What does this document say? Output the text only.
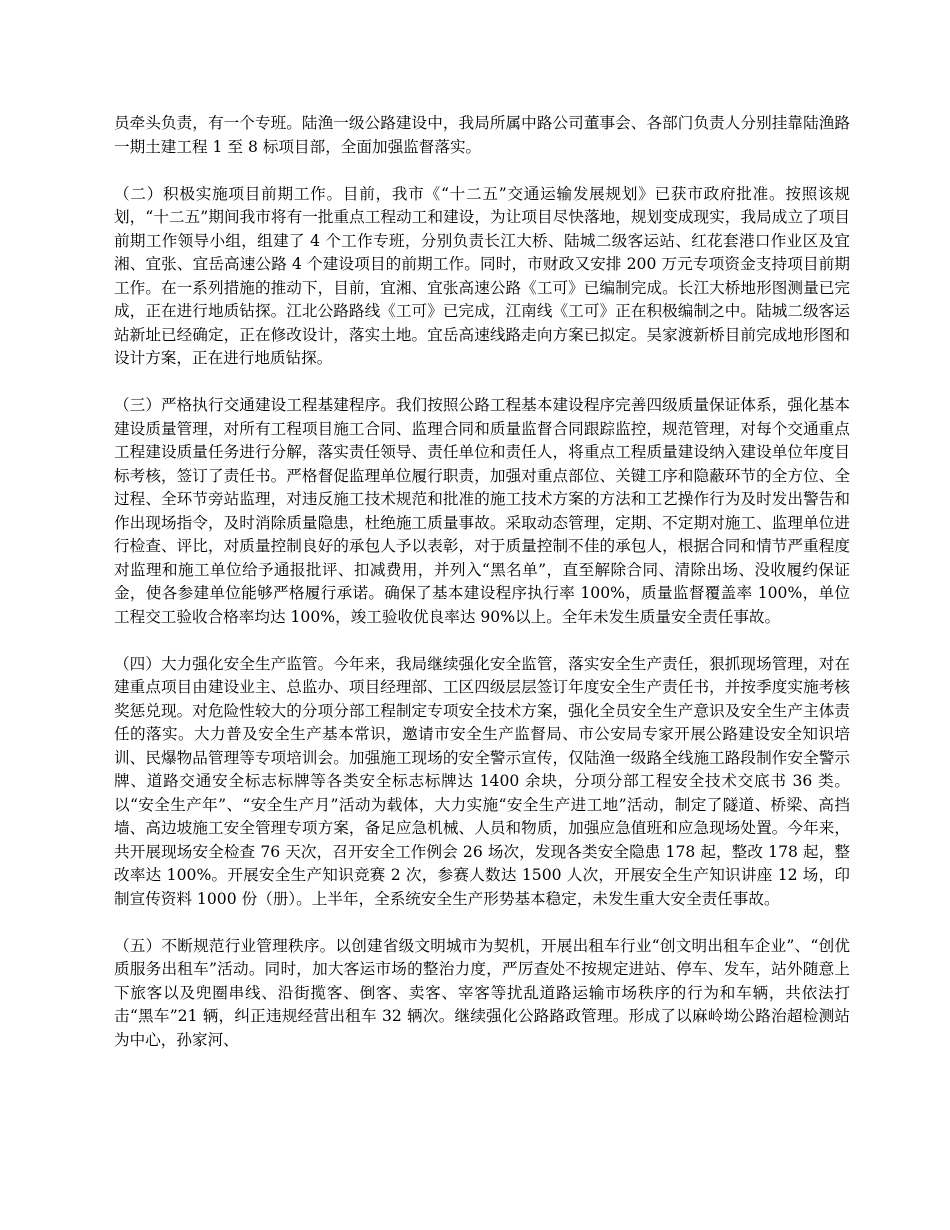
员牵头负责，有一个专班。陆渔一级公路建设中，我局所属中路公司董事会、各部门负责人分别挂靠陆渔路一期土建工程 1 至 8 标项目部，全面加强监督落实。

（二）积极实施项目前期工作。目前，我市《“十二五”交通运输发展规划》已获市政府批准。按照该规划，“十二五”期间我市将有一批重点工程动工和建设，为让项目尽快落地，规划变成现实，我局成立了项目前期工作领导小组，组建了 4 个工作专班，分别负责长江大桥、陆城二级客运站、红花套港口作业区及宜湘、宜张、宜岳高速公路 4 个建设项目的前期工作。同时，市财政又安排 200 万元专项资金支持项目前期工作。在一系列措施的推动下，目前，宜湘、宜张高速公路《工可》已编制完成。长江大桥地形图测量已完成，正在进行地质钻探。江北公路路线《工可》已完成，江南线《工可》正在积极编制之中。陆城二级客运站新址已经确定，正在修改设计，落实土地。宜岳高速线路走向方案已拟定。吴家渡新桥目前完成地形图和设计方案，正在进行地质钻探。

（三）严格执行交通建设工程基建程序。我们按照公路工程基本建设程序完善四级质量保证体系，强化基本建设质量管理，对所有工程项目施工合同、监理合同和质量监督合同跟踪监控，规范管理，对每个交通重点工程建设质量任务进行分解，落实责任领导、责任单位和责任人，将重点工程质量建设纳入建设单位年度目标考核，签订了责任书。严格督促监理单位履行职责，加强对重点部位、关键工序和隐蔽环节的全方位、全过程、全环节旁站监理，对违反施工技术规范和批准的施工技术方案的方法和工艺操作行为及时发出警告和作出现场指令，及时消除质量隐患，杜绝施工质量事故。采取动态管理，定期、不定期对施工、监理单位进行检查、评比，对质量控制良好的承包人予以表彰，对于质量控制不佳的承包人，根据合同和情节严重程度对监理和施工单位给予通报批评、扣减费用，并列入“黑名单”，直至解除合同、清除出场、没收履约保证金，使各参建单位能够严格履行承诺。确保了基本建设程序执行率 100%，质量监督覆盖率 100%，单位工程交工验收合格率均达 100%，竣工验收优良率达 90%以上。全年未发生质量安全责任事故。

（四）大力强化安全生产监管。今年来，我局继续强化安全监管，落实安全生产责任，狠抓现场管理，对在建重点项目由建设业主、总监办、项目经理部、工区四级层层签订年度安全生产责任书，并按季度实施考核奖惩兑现。对危险性较大的分项分部工程制定专项安全技术方案，强化全员安全生产意识及安全生产主体责任的落实。大力普及安全生产基本常识，邀请市安全生产监督局、市公安局专家开展公路建设安全知识培训、民爆物品管理等专项培训会。加强施工现场的安全警示宣传，仅陆渔一级路全线施工路段制作安全警示牌、道路交通安全标志标牌等各类安全标志标牌达 1400 余块，分项分部工程安全技术交底书 36 类。以“安全生产年”、“安全生产月”活动为载体，大力实施“安全生产进工地”活动，制定了隧道、桥梁、高挡墙、高边坡施工安全管理专项方案，备足应急机械、人员和物质，加强应急值班和应急现场处置。今年来，共开展现场安全检查 76 天次，召开安全工作例会 26 场次，发现各类安全隐患 178 起，整改 178 起，整改率达 100%。开展安全生产知识竞赛 2 次，参赛人数达 1500 人次，开展安全生产知识讲座 12 场，印制宣传资料 1000 份（册）。上半年，全系统安全生产形势基本稳定，未发生重大安全责任事故。

（五）不断规范行业管理秩序。以创建省级文明城市为契机，开展出租车行业“创文明出租车企业”、“创优质服务出租车”活动。同时，加大客运市场的整治力度，严厉查处不按规定进站、停车、发车，站外随意上下旅客以及兜圈串线、沿街揽客、倒客、卖客、宰客等扰乱道路运输市场秩序的行为和车辆，共依法打击“黑车”21 辆，纠正违规经营出租车 32 辆次。继续强化公路路政管理。形成了以麻岭坳公路治超检测站为中心，孙家河、
